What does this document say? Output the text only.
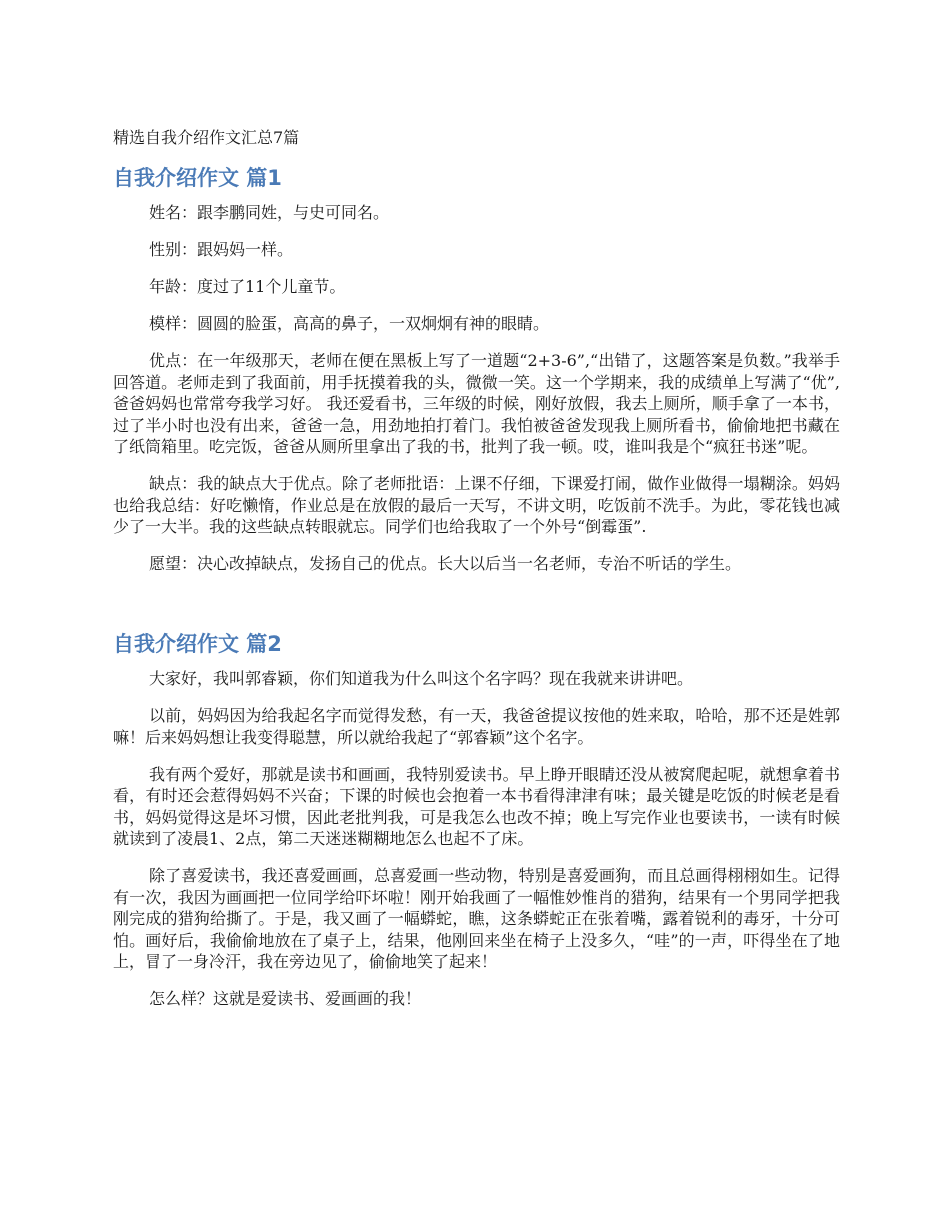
精选自我介绍作文汇总7篇
自我介绍作文 篇1

姓名：跟李鹏同姓，与史可同名。

性别：跟妈妈一样。

年龄：度过了11个儿童节。

模样：圆圆的脸蛋，高高的鼻子，一双炯炯有神的眼睛。

优点：在一年级那天，老师在便在黑板上写了一道题“2+3-6”,“出错了，这题答案是负数。”我举手回答道。老师走到了我面前，用手抚摸着我的头，微微一笑。这一个学期来，我的成绩单上写满了“优”,爸爸妈妈也常常夸我学习好。 我还爱看书，三年级的时候，刚好放假，我去上厕所，顺手拿了一本书，过了半小时也没有出来，爸爸一急，用劲地拍打着门。我怕被爸爸发现我上厕所看书，偷偷地把书藏在了纸筒箱里。吃完饭，爸爸从厕所里拿出了我的书，批判了我一顿。哎，谁叫我是个“疯狂书迷”呢。

缺点：我的缺点大于优点。除了老师批语：上课不仔细，下课爱打闹，做作业做得一塌糊涂。妈妈也给我总结：好吃懒惰，作业总是在放假的最后一天写，不讲文明，吃饭前不洗手。为此，零花钱也减少了一大半。我的这些缺点转眼就忘。同学们也给我取了一个外号“倒霉蛋”.

愿望：决心改掉缺点，发扬自己的优点。长大以后当一名老师，专治不听话的学生。

自我介绍作文 篇2

大家好，我叫郭睿颖，你们知道我为什么叫这个名字吗？现在我就来讲讲吧。

以前，妈妈因为给我起名字而觉得发愁，有一天，我爸爸提议按他的姓来取，哈哈，那不还是姓郭嘛！后来妈妈想让我变得聪慧，所以就给我起了“郭睿颖”这个名字。

我有两个爱好，那就是读书和画画，我特别爱读书。早上睁开眼睛还没从被窝爬起呢，就想拿着书看，有时还会惹得妈妈不兴奋；下课的时候也会抱着一本书看得津津有味；最关键是吃饭的时候老是看书，妈妈觉得这是坏习惯，因此老批判我，可是我怎么也改不掉；晚上写完作业也要读书，一读有时候就读到了凌晨1、2点，第二天迷迷糊糊地怎么也起不了床。

除了喜爱读书，我还喜爱画画，总喜爱画一些动物，特别是喜爱画狗，而且总画得栩栩如生。记得有一次，我因为画画把一位同学给吓坏啦！刚开始我画了一幅惟妙惟肖的猎狗，结果有一个男同学把我刚完成的猎狗给撕了。于是，我又画了一幅蟒蛇，瞧，这条蟒蛇正在张着嘴，露着锐利的毒牙，十分可怕。画好后，我偷偷地放在了桌子上，结果，他刚回来坐在椅子上没多久，“哇”的一声，吓得坐在了地上，冒了一身冷汗，我在旁边见了，偷偷地笑了起来！

怎么样？这就是爱读书、爱画画的我！
